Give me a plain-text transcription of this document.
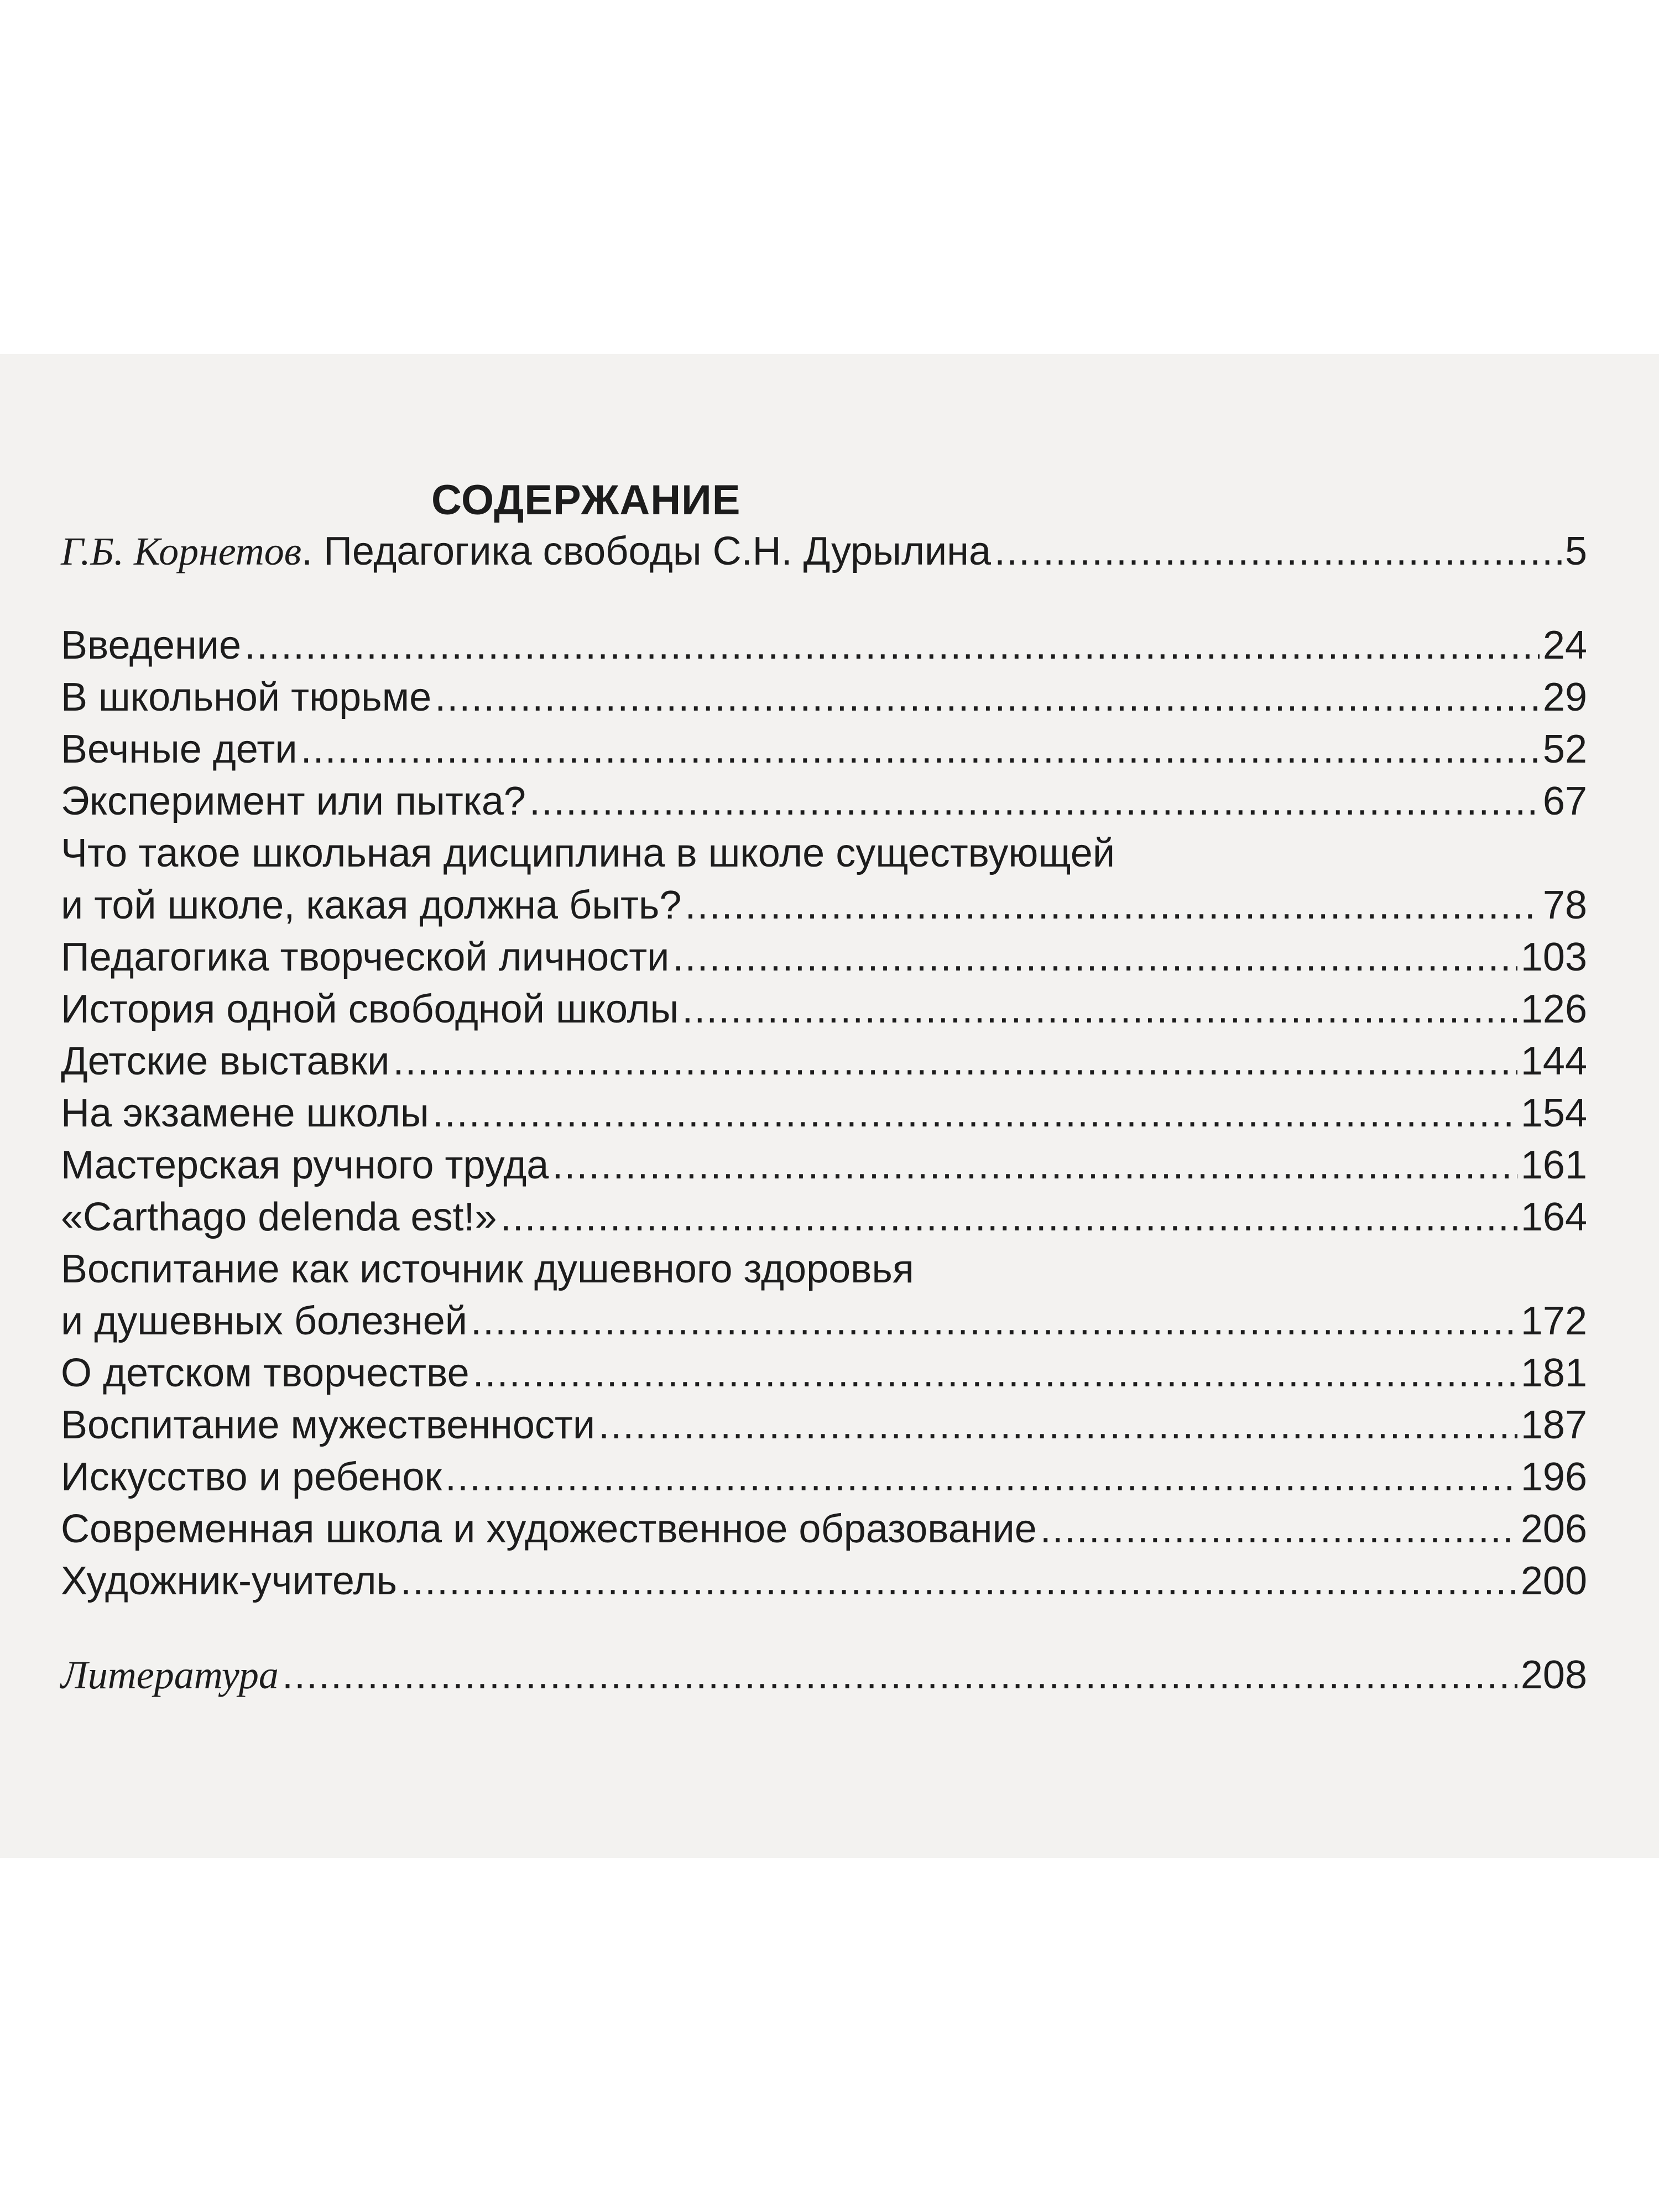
СОДЕРЖАНИЕ
Г.Б. Корнетов. Педагогика свободы С.Н. Дурылина .....	5
Введение .....	24
В школьной тюрьме .....	29
Вечные дети .....	52
Эксперимент или пытка? .....	67
Что такое школьная дисциплина в школе существующей
и той школе, какая должна быть? .....	78
Педагогика творческой личности .....	103
История одной свободной школы .....	126
Детские выставки .....	144
На экзамене школы .....	154
Мастерская ручного труда .....	161
«Carthago delenda est!» .....	164
Воспитание как источник душевного здоровья
и душевных болезней .....	172
О детском творчестве .....	181
Воспитание мужественности .....	187
Искусство и ребенок .....	196
Современная школа и художественное образование .....	206
Художник-учитель .....	200
Литература .....	208
